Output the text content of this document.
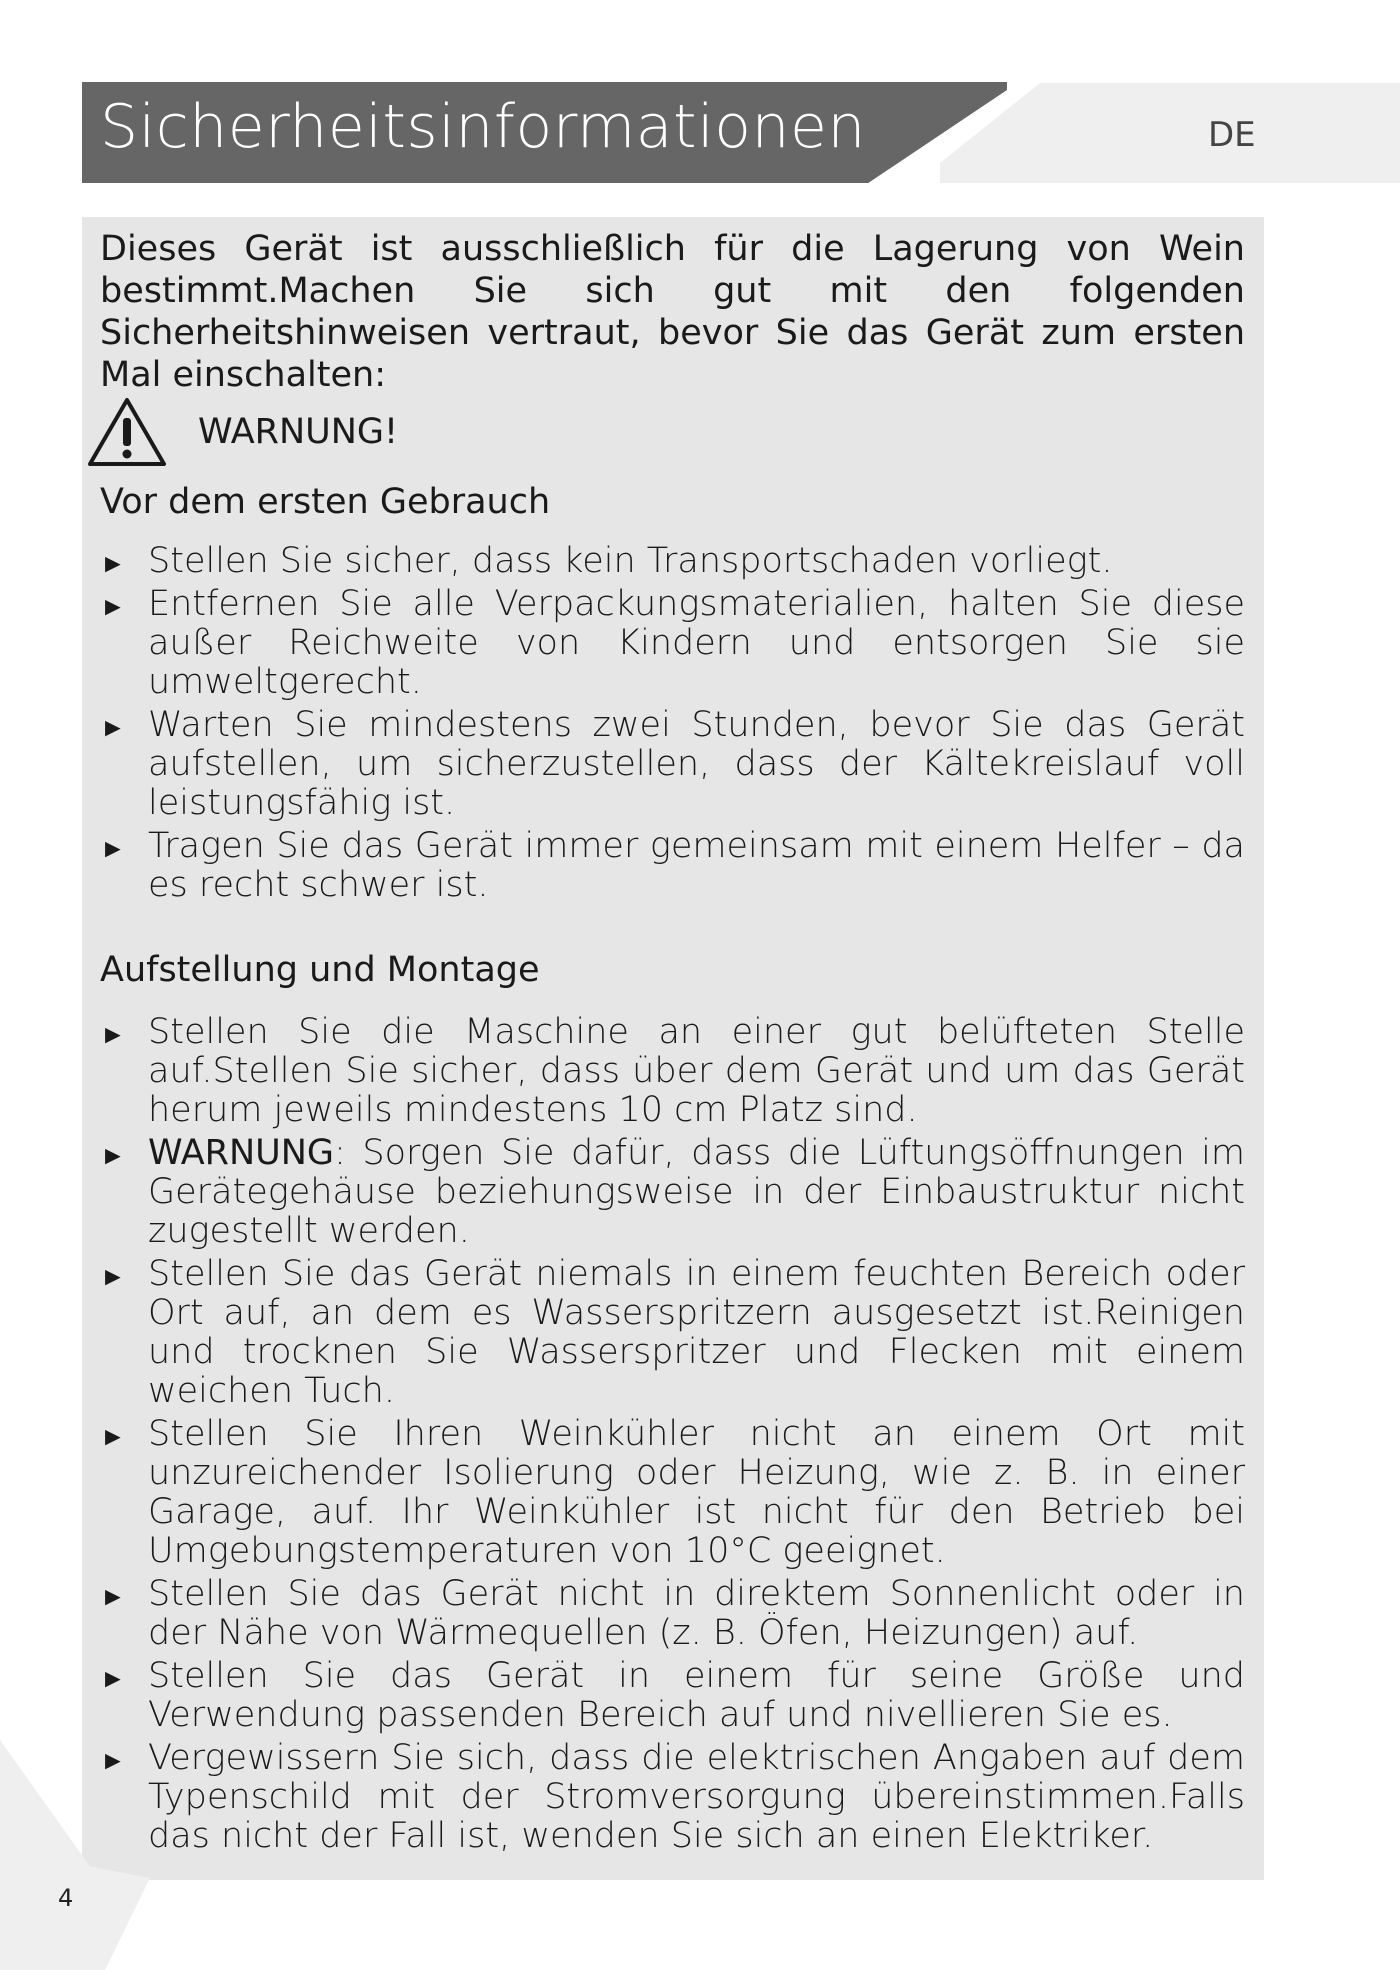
Sicherheitsinformationen	DE
Dieses Gerät ist ausschließlich für die Lagerung von Wein bestimmt.Machen Sie sich gut mit den folgenden Sicherheitshinweisen vertraut, bevor Sie das Gerät zum ersten Mal einschalten:
WARNUNG!
Vor dem ersten Gebrauch
► Stellen Sie sicher, dass kein Transportschaden vorliegt.
► Entfernen Sie alle Verpackungsmaterialien, halten Sie diese außer Reichweite von Kindern und entsorgen Sie sie umweltgerecht.
► Warten Sie mindestens zwei Stunden, bevor Sie das Gerät aufstellen, um sicherzustellen, dass der Kältekreislauf voll leistungsfähig ist.
► Tragen Sie das Gerät immer gemeinsam mit einem Helfer – da es recht schwer ist.
Aufstellung und Montage
► Stellen Sie die Maschine an einer gut belüfteten Stelle auf.Stellen Sie sicher, dass über dem Gerät und um das Gerät herum jeweils mindestens 10 cm Platz sind.
► WARNUNG: Sorgen Sie dafür, dass die Lüftungsöffnungen im Gerätegehäuse beziehungsweise in der Einbaustruktur nicht zugestellt werden.
► Stellen Sie das Gerät niemals in einem feuchten Bereich oder Ort auf, an dem es Wasserspritzern ausgesetzt ist.Reinigen und trocknen Sie Wasserspritzer und Flecken mit einem weichen Tuch.
► Stellen Sie Ihren Weinkühler nicht an einem Ort mit unzureichender Isolierung oder Heizung, wie z. B. in einer Garage, auf. Ihr Weinkühler ist nicht für den Betrieb bei Umgebungstemperaturen von 10°C geeignet.
► Stellen Sie das Gerät nicht in direktem Sonnenlicht oder in der Nähe von Wärmequellen (z. B. Öfen, Heizungen) auf.
► Stellen Sie das Gerät in einem für seine Größe und Verwendung passenden Bereich auf und nivellieren Sie es.
► Vergewissern Sie sich, dass die elektrischen Angaben auf dem Typenschild mit der Stromversorgung übereinstimmen.Falls das nicht der Fall ist, wenden Sie sich an einen Elektriker.
4
